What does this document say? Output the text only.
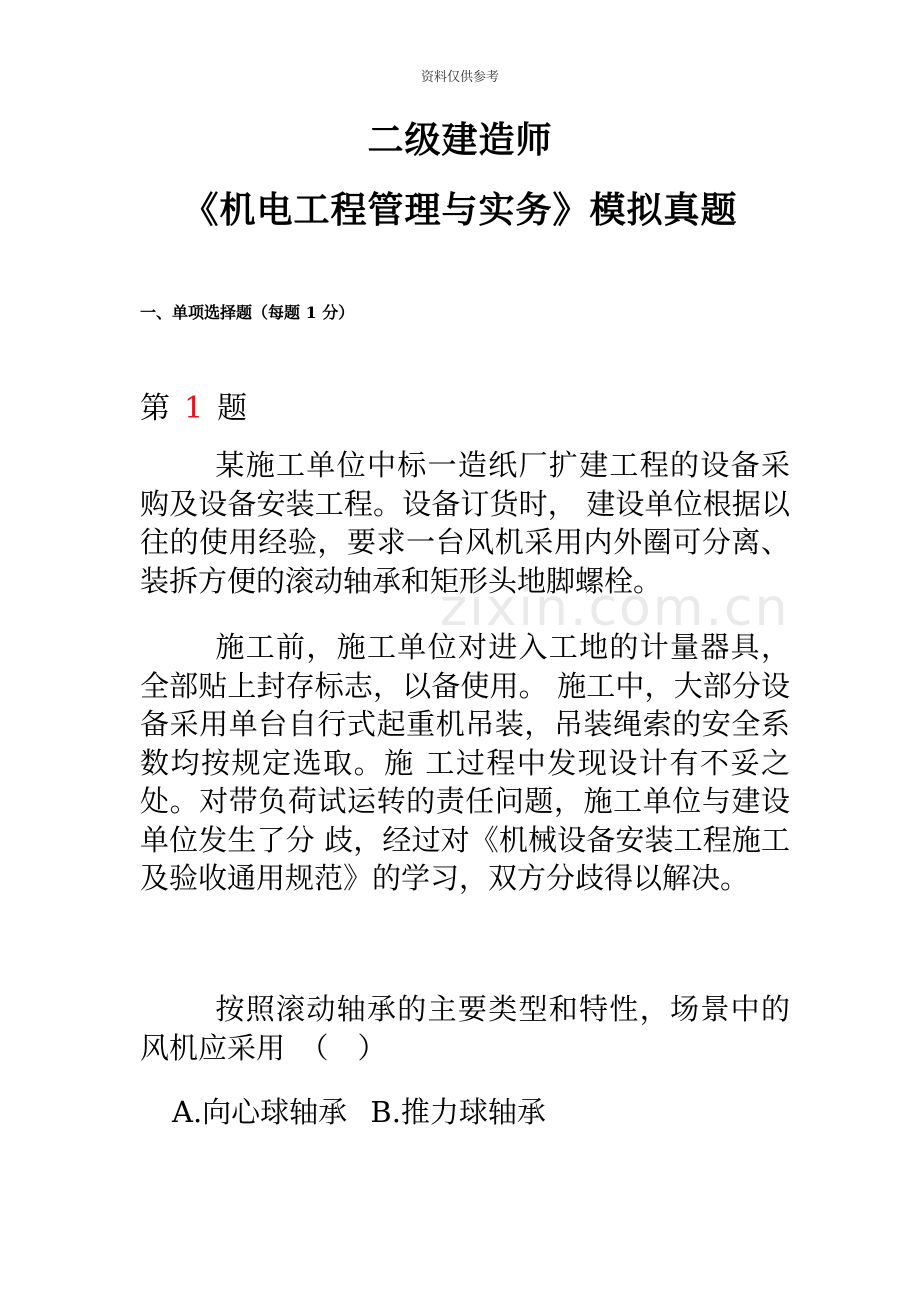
资料仅供参考
二级建造师
《机电工程管理与实务》模拟真题
一、单项选择题（每题 1 分）
第 1 题

某施工单位中标一造纸厂扩建工程的设备采购及设备安装工程。设备订货时， 建设单位根据以往的使用经验，要求一台风机采用内外圈可分离、装拆方便的滚动轴承和矩形头地脚螺栓。

施工前，施工单位对进入工地的计量器具，全部贴上封存标志，以备使用。 施工中，大部分设备采用单台自行式起重机吊装，吊装绳索的安全系数均按规定选取。施 工过程中发现设计有不妥之处。对带负荷试运转的责任问题，施工单位与建设单位发生了分 歧，经过对《机械设备安装工程施工及验收通用规范》的学习，双方分歧得以解决。

按照滚动轴承的主要类型和特性，场景中的风机应采用　（　）

A.向心球轴承 B.推力球轴承
zixin.com.cn
